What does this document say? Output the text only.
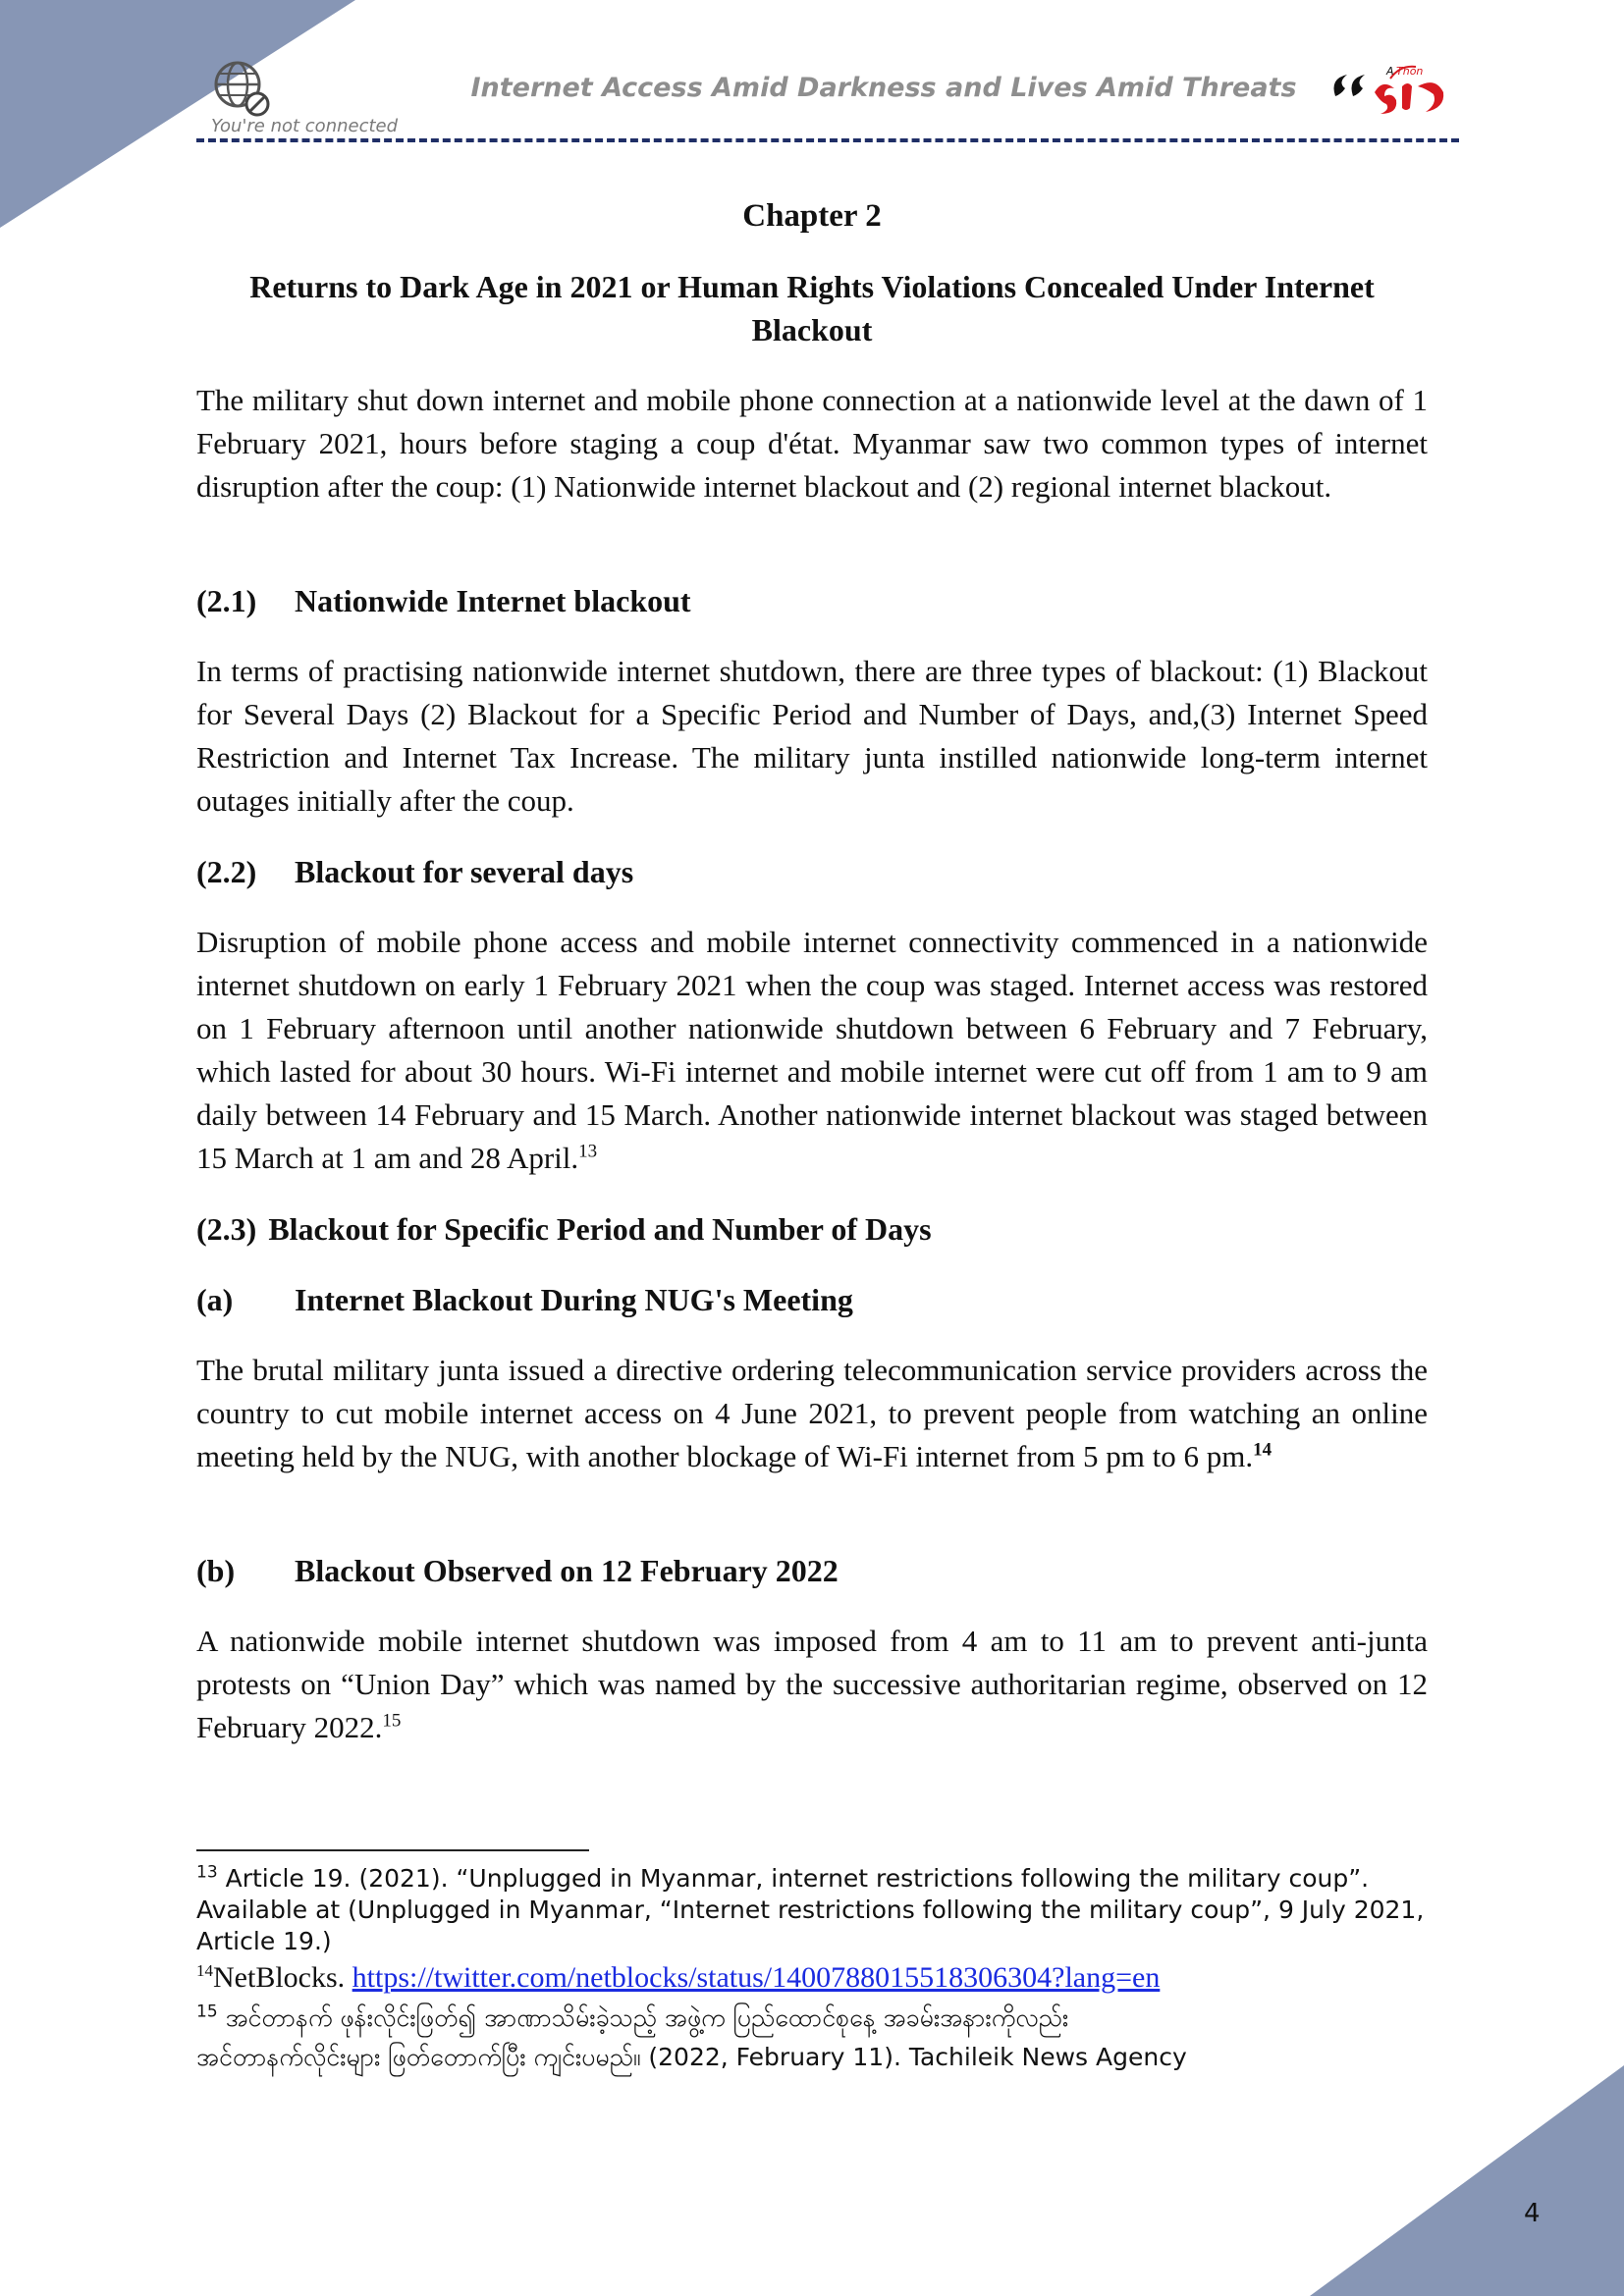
You're not connected
Internet Access Amid Darkness and Lives Amid Threats
Thon
A
Chapter 2
Returns to Dark Age in 2021 or Human Rights Violations Concealed Under Internet Blackout

The military shut down internet and mobile phone connection at a nationwide level at the dawn of 1 February 2021, hours before staging a coup d'état. Myanmar saw two common types of internet disruption after the coup: (1) Nationwide internet blackout and (2) regional internet blackout.

(2.1) Nationwide Internet blackout

In terms of practising nationwide internet shutdown, there are three types of blackout: (1) Blackout for Several Days (2) Blackout for a Specific Period and Number of Days, and,(3) Internet Speed Restriction and Internet Tax Increase. The military junta instilled nationwide long-term internet outages initially after the coup.

(2.2) Blackout for several days

Disruption of mobile phone access and mobile internet connectivity commenced in a nationwide internet shutdown on early 1 February 2021 when the coup was staged. Internet access was restored on 1 February afternoon until another nationwide shutdown between 6 February and 7 February, which lasted for about 30 hours. Wi-Fi internet and mobile internet were cut off from 1 am to 9 am daily between 14 February and 15 March. Another nationwide internet blackout was staged between 15 March at 1 am and 28 April.$^{13}$

(2.3) Blackout for Specific Period and Number of Days
(a) Internet Blackout During NUG's Meeting

The brutal military junta issued a directive ordering telecommunication service providers across the country to cut mobile internet access on 4 June 2021, to prevent people from watching an online meeting held by the NUG, with another blockage of Wi-Fi internet from 5 pm to 6 pm.$^{14}$

(b) Blackout Observed on 12 February 2022

A nationwide mobile internet shutdown was imposed from 4 am to 11 am to prevent anti-junta protests on “Union Day” which was named by the successive authoritarian regime, observed on 12 February 2022.15

$^{13}$ Article 19. (2021). “Unplugged in Myanmar, internet restrictions following the military coup”. Available at (Unplugged in Myanmar, “Internet restrictions following the military coup”, 9 July 2021, Article 19.)
$^{14}$NetBlocks. https://twitter.com/netblocks/status/1400788015518306304?lang=en
$^{15}$ အင်တာနက် ဖုန်းလိုင်းဖြတ်၍ အာဏာသိမ်းခဲ့သည့် အဖွဲ့က ပြည်ထောင်စုနေ့ အခမ်းအနားကိုလည်း
အင်တာနက်လိုင်းများ ဖြတ်တောက်ပြီး ကျင်းပမည်။ (2022, February 11). Tachileik News Agency
4
